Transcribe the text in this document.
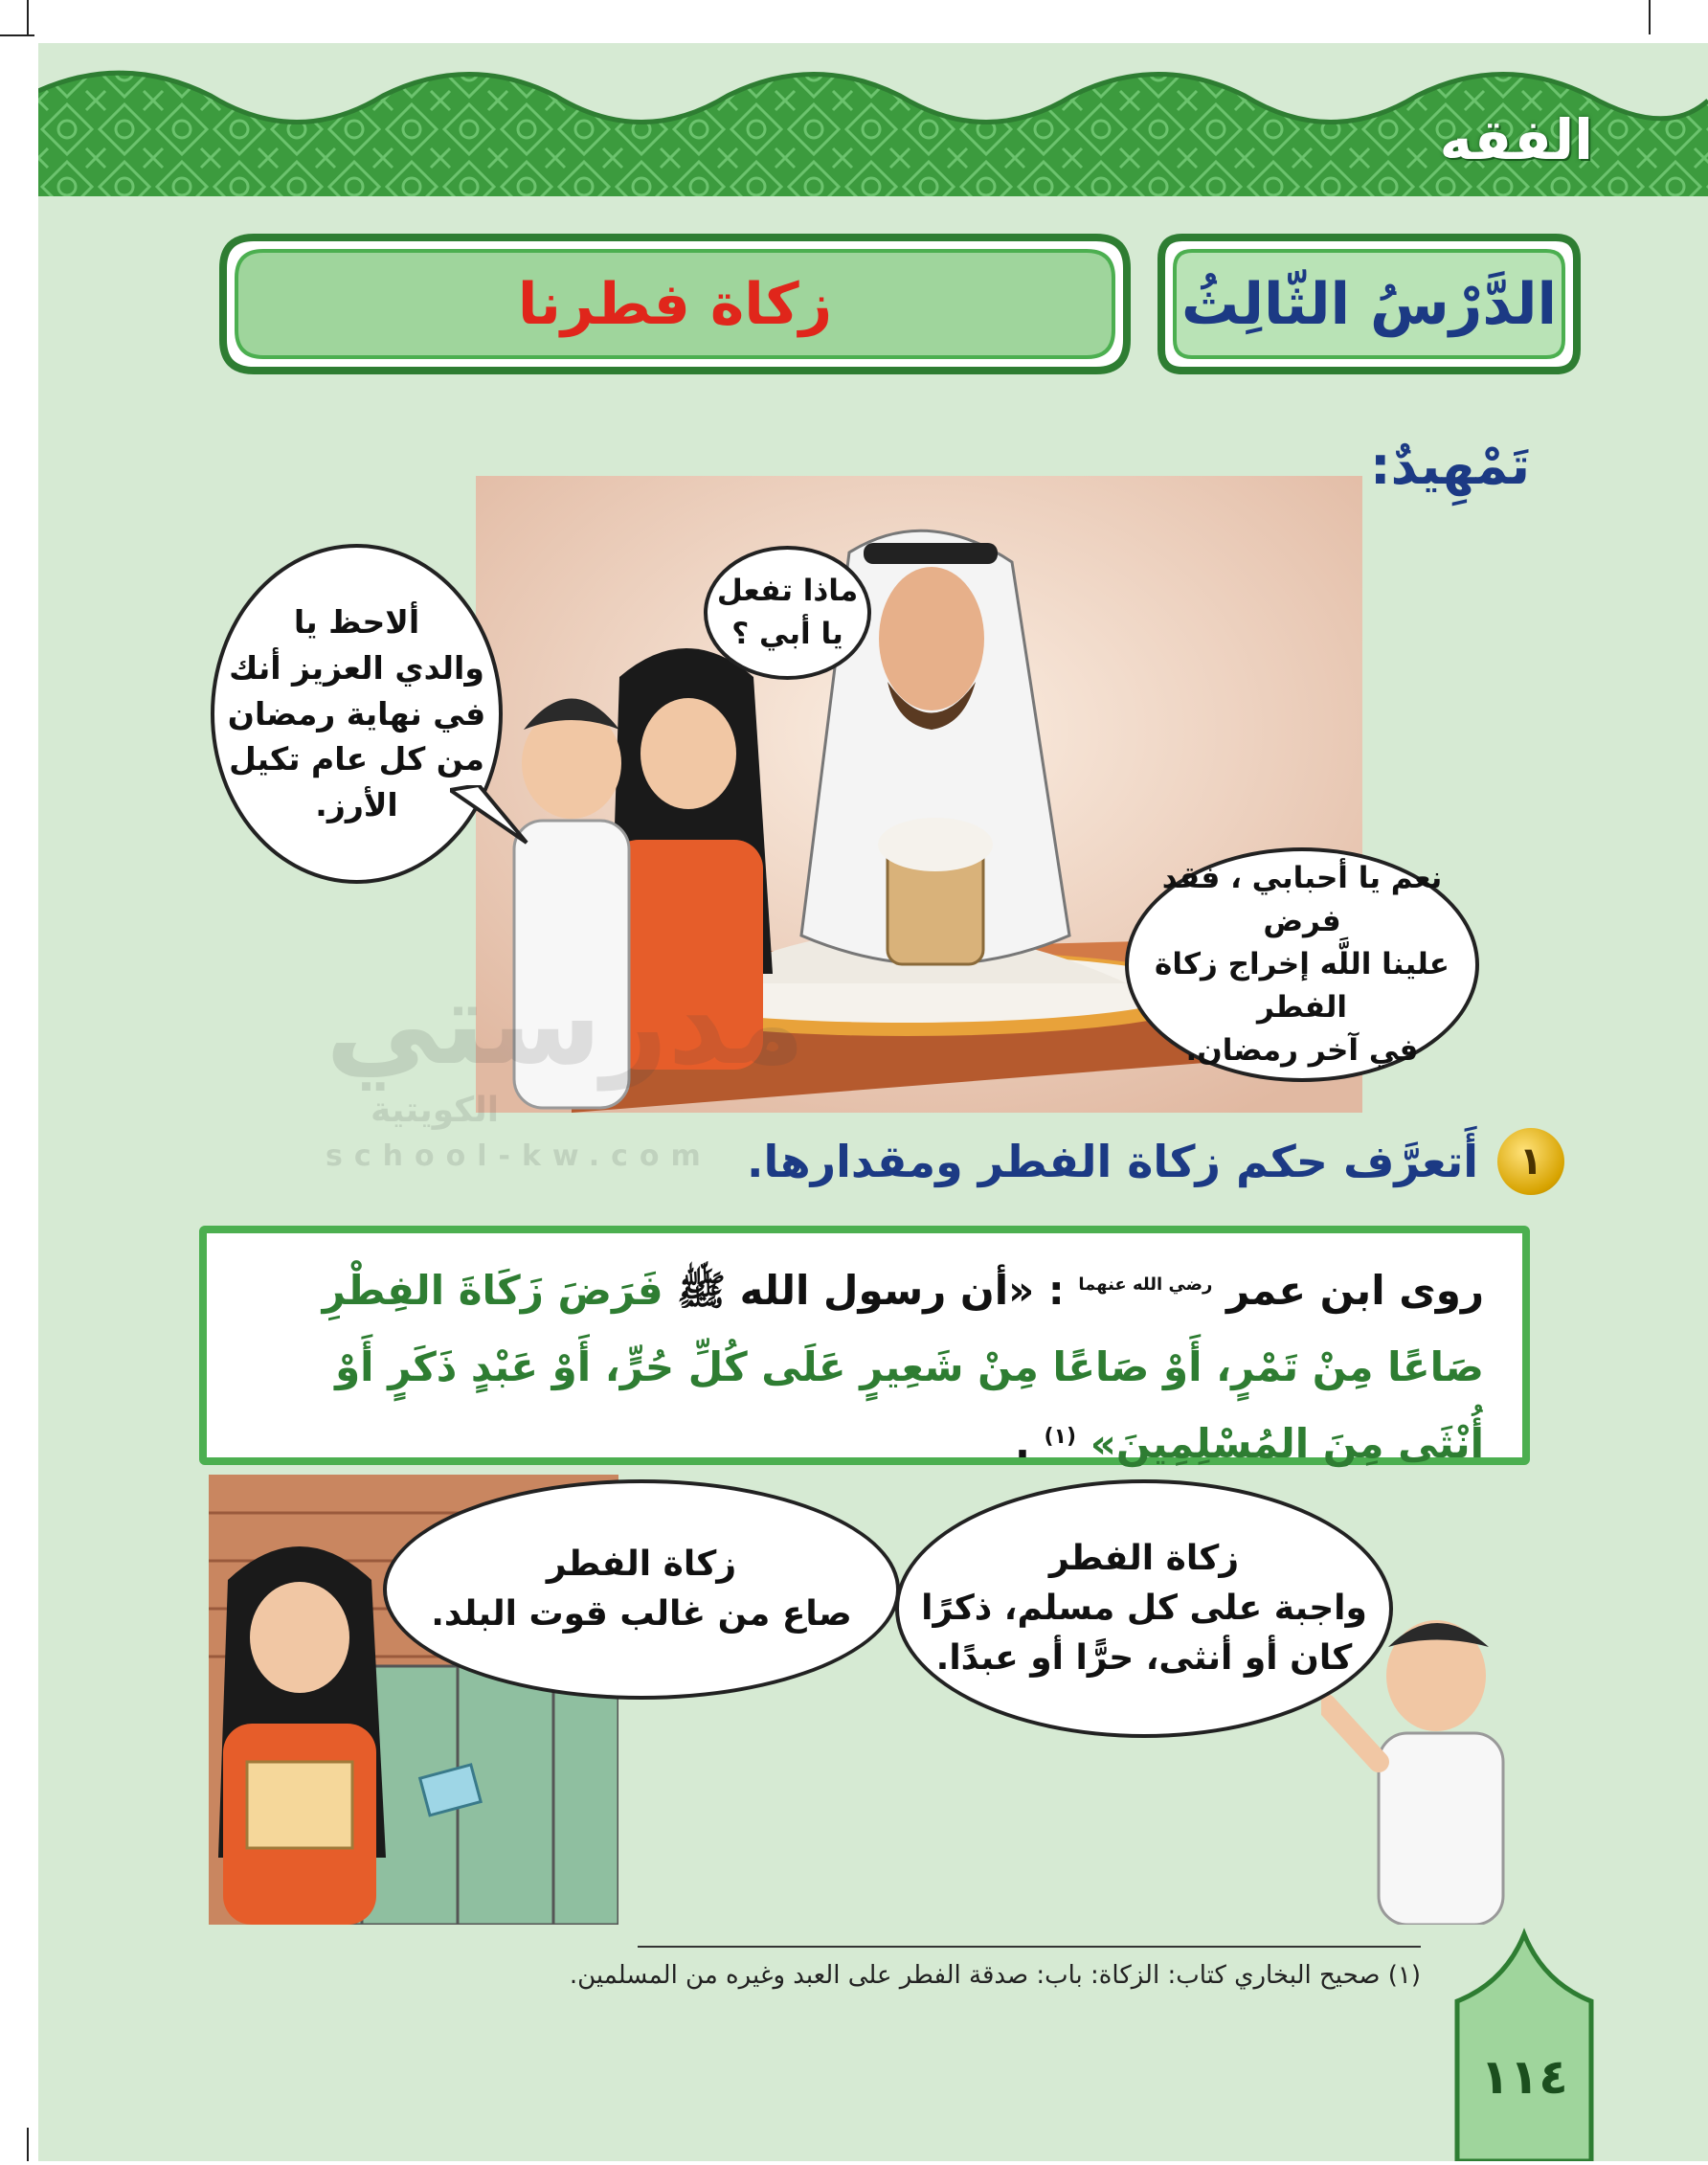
الفقه
الدَّرْسُ الثّالِثُ
زكاة فطرنا
تَمْهِيدٌ:
ألاحظ يا
والدي العزيز أنك
في نهاية رمضان
من كل عام تكيل
الأرز.
ماذا تفعل
يا أبي ؟
نعم يا أحبابي ، فقد فرض
علينا اللَّه إخراج زكاة الفطر
في آخر رمضان.
مدرستي
الكويتية
school-kw.com	١
أَتعرَّف حكم زكاة الفطر ومقدارها.
روى ابن عمر $^{رضي الله عنهما}$ : «أن رسول الله ﷺ فَرَضَ زَكَاةَ الفِطْرِ صَاعًا مِنْ تَمْرٍ، أَوْ صَاعًا مِنْ شَعِيرٍ عَلَى كُلِّ حُرٍّ، أَوْ عَبْدٍ ذَكَرٍ أَوْ أُنْثَى مِنَ المُسْلِمِينَ» $^{(١)}$ .
زكاة الفطر
صاع من غالب قوت البلد.
زكاة الفطر
واجبة على كل مسلم، ذكرًا
كان أو أنثى، حرًّا أو عبدًا.
(١) صحيح البخاري كتاب: الزكاة: باب: صدقة الفطر على العبد وغيره من المسلمين.
١١٤
